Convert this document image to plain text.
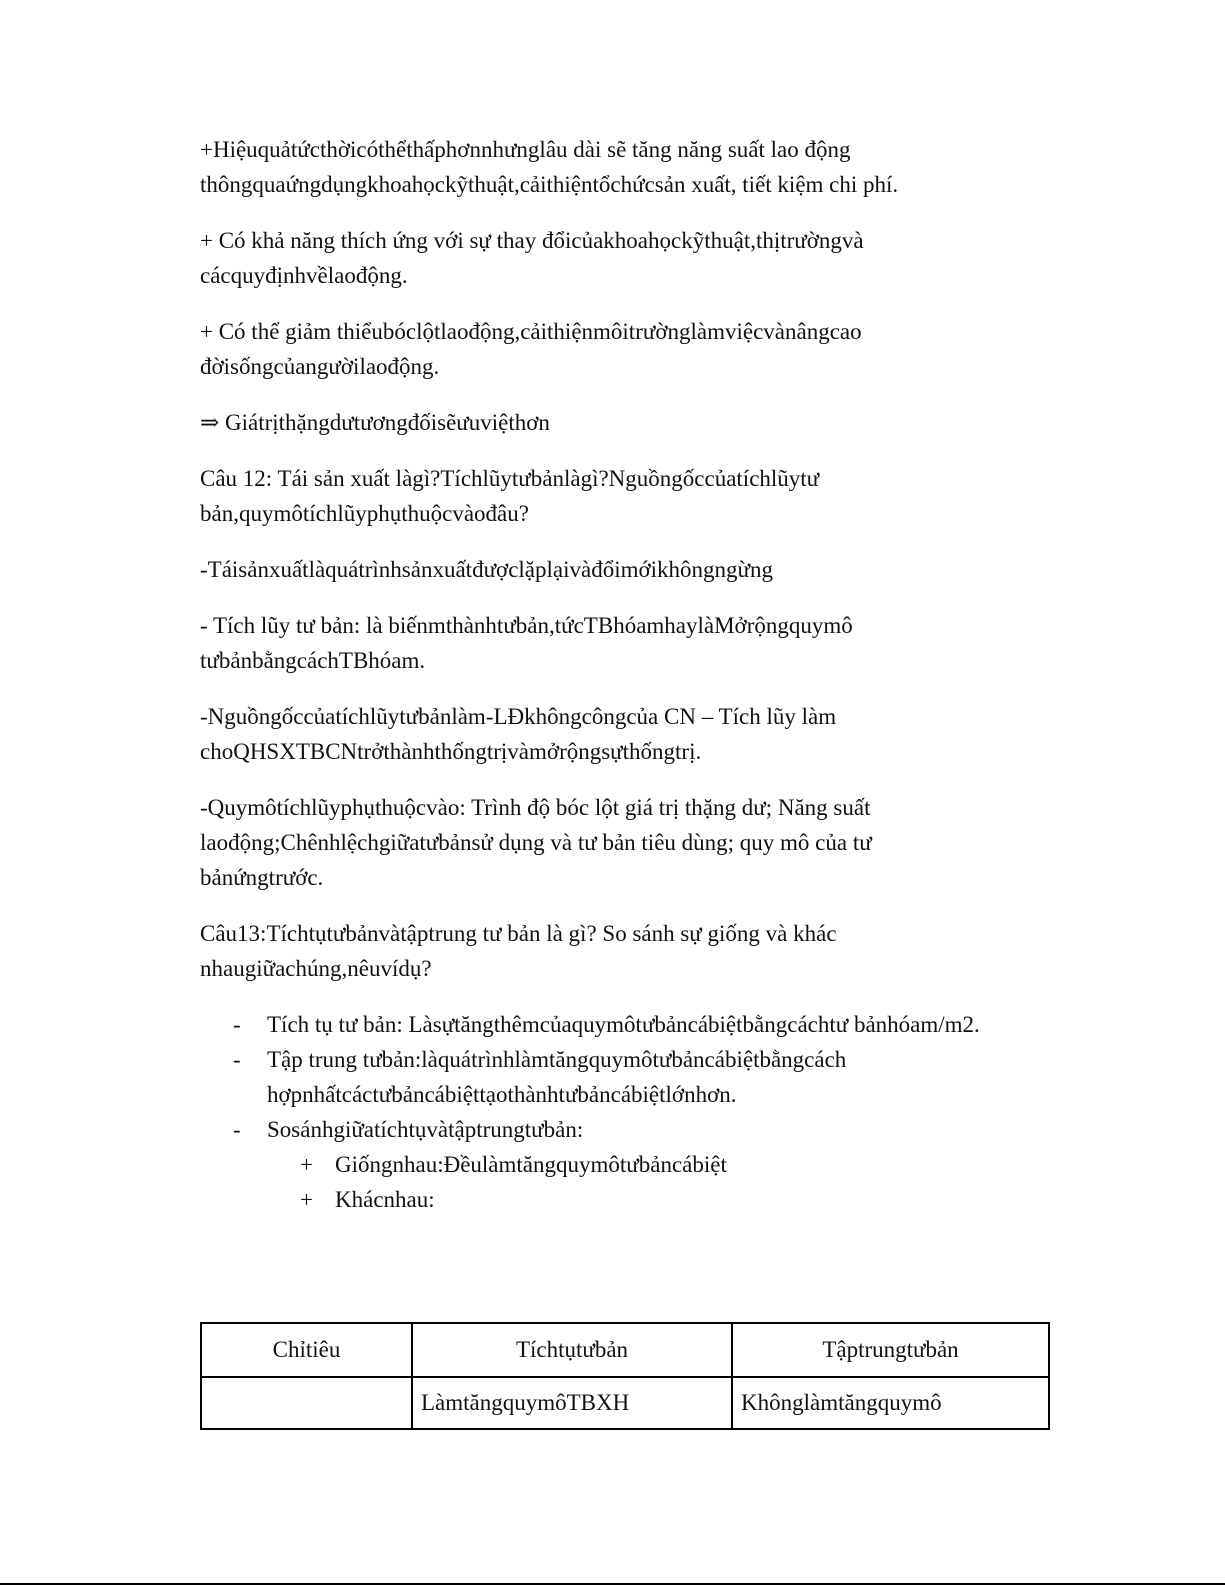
+Hiệuquảtứcthờicóthểthấphơnnhưnglâu dài sẽ tăng năng suất lao động thôngquaứngdụngkhoahọckỹthuật,cảithiệntổchứcsản xuất, tiết kiệm chi phí.

+ Có khả năng thích ứng với sự thay đổicủakhoahọckỹthuật,thịtrườngvà cácquyđịnhvềlaođộng.

+ Có thể giảm thiểubóclộtlaođộng,cảithiệnmôitrườnglàmviệcvànângcao đờisốngcủangườilaođộng.

⇒ Giátrịthặngdưtươngđốisẽưuviệthơn

Câu 12: Tái sản xuất làgì?Tíchlũytưbảnlàgì?Nguồngốccủatíchlũytư bản,quymôtíchlũyphụthuộcvàođâu?

-Táisảnxuấtlàquátrìnhsảnxuấtđượclặplạivàđổimớikhôngngừng

- Tích lũy tư bản: là biếnmthànhtưbản,tứcTBhóamhaylàMởrộngquymô tưbảnbằngcáchTBhóam.

-Nguồngốccủatíchlũytưbảnlàm-LĐkhôngcôngcủa CN – Tích lũy làm choQHSXTBCNtrởthànhthốngtrịvàmởrộngsựthốngtrị.

-Quymôtíchlũyphụthuộcvào: Trình độ bóc lột giá trị thặng dư; Năng suất laođộng;Chênhlệchgiữatưbảnsử dụng và tư bản tiêu dùng; quy mô của tư bảnứngtrước.

Câu13:Tíchtụtưbảnvàtậptrung tư bản là gì? So sánh sự giống và khác nhaugiữachúng,nêuvídụ?

- Tích tụ tư bản: Làsựtăngthêmcủaquymôtưbảncábiệtbằngcáchtư bảnhóam/m2.
- Tập trung tưbản:làquátrìnhlàmtăngquymôtưbảncábiệtbằngcách hợpnhấtcáctưbảncábiệttạothànhtưbảncábiệtlớnhơn.
- Sosánhgiữatíchtụvàtậptrungtưbản:
+ Giốngnhau:Đềulàmtăngquymôtưbảncábiệt
+ Khácnhau:
Chỉtiêu	Tíchtụtưbản	Tậptrungtưbản
	LàmtăngquymôTBXH	Khônglàmtăngquymô
